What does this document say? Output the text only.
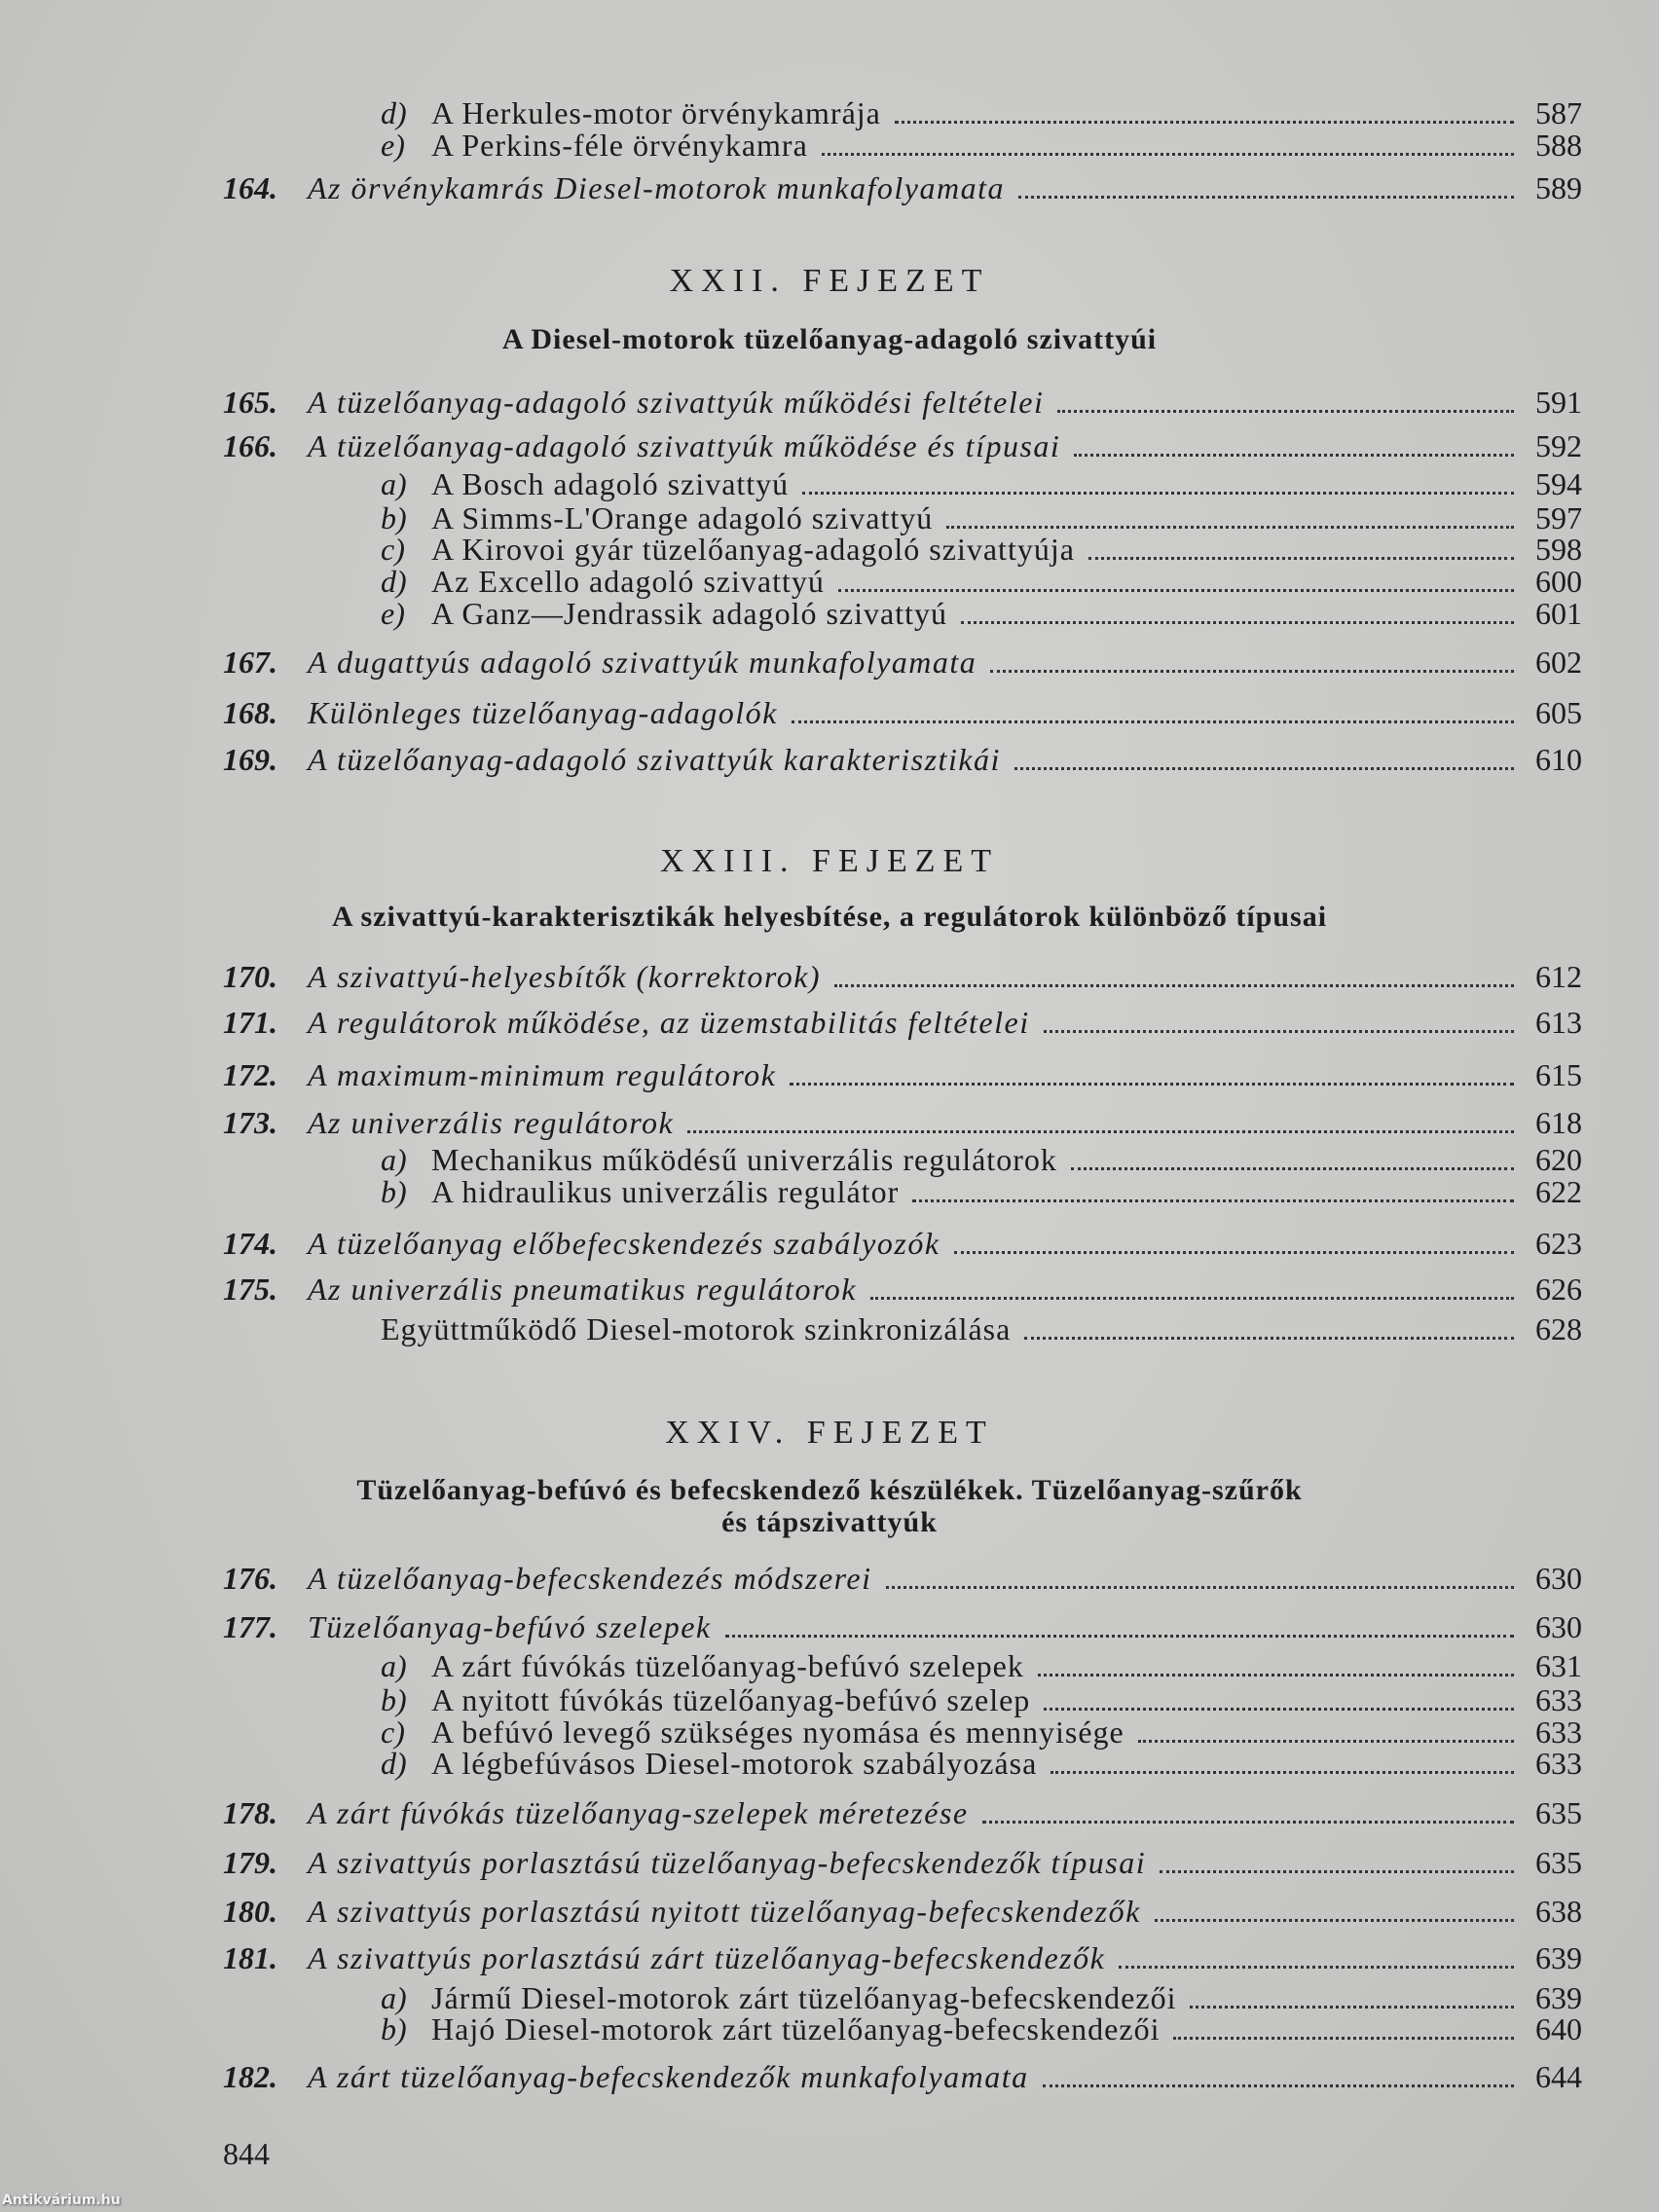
844
Antikvárium.hu
d) A Herkules-motor örvénykamrája	587
e) A Perkins-féle örvénykamra	588
164. Az örvénykamrás Diesel-motorok munkafolyamata	589
XXII. FEJEZET
A Diesel-motorok tüzelőanyag-adagoló szivattyúi
165. A tüzelőanyag-adagoló szivattyúk működési feltételei	591
166. A tüzelőanyag-adagoló szivattyúk működése és típusai	592
a) A Bosch adagoló szivattyú	594
b) A Simms-L'Orange adagoló szivattyú	597
c) A Kirovoi gyár tüzelőanyag-adagoló szivattyúja	598
d) Az Excello adagoló szivattyú	600
e) A Ganz—Jendrassik adagoló szivattyú	601
167. A dugattyús adagoló szivattyúk munkafolyamata	602
168. Különleges tüzelőanyag-adagolók	605
169. A tüzelőanyag-adagoló szivattyúk karakterisztikái	610
XXIII. FEJEZET
A szivattyú-karakterisztikák helyesbítése, a regulátorok különböző típusai
170. A szivattyú-helyesbítők (korrektorok)	612
171. A regulátorok működése, az üzemstabilitás feltételei	613
172. A maximum-minimum regulátorok	615
173. Az univerzális regulátorok	618
a) Mechanikus működésű univerzális regulátorok	620
b) A hidraulikus univerzális regulátor	622
174. A tüzelőanyag előbefecskendezés szabályozók	623
175. Az univerzális pneumatikus regulátorok	626
Együttműködő Diesel-motorok szinkronizálása	628
XXIV. FEJEZET
Tüzelőanyag-befúvó és befecskendező készülékek. Tüzelőanyag-szűrők
és tápszivattyúk
176. A tüzelőanyag-befecskendezés módszerei	630
177. Tüzelőanyag-befúvó szelepek	630
a) A zárt fúvókás tüzelőanyag-befúvó szelepek	631
b) A nyitott fúvókás tüzelőanyag-befúvó szelep	633
c) A befúvó levegő szükséges nyomása és mennyisége	633
d) A légbefúvásos Diesel-motorok szabályozása	633
178. A zárt fúvókás tüzelőanyag-szelepek méretezése	635
179. A szivattyús porlasztású tüzelőanyag-befecskendezők típusai	635
180. A szivattyús porlasztású nyitott tüzelőanyag-befecskendezők	638
181. A szivattyús porlasztású zárt tüzelőanyag-befecskendezők	639
a) Jármű Diesel-motorok zárt tüzelőanyag-befecskendezői	639
b) Hajó Diesel-motorok zárt tüzelőanyag-befecskendezői	640
182. A zárt tüzelőanyag-befecskendezők munkafolyamata	644
